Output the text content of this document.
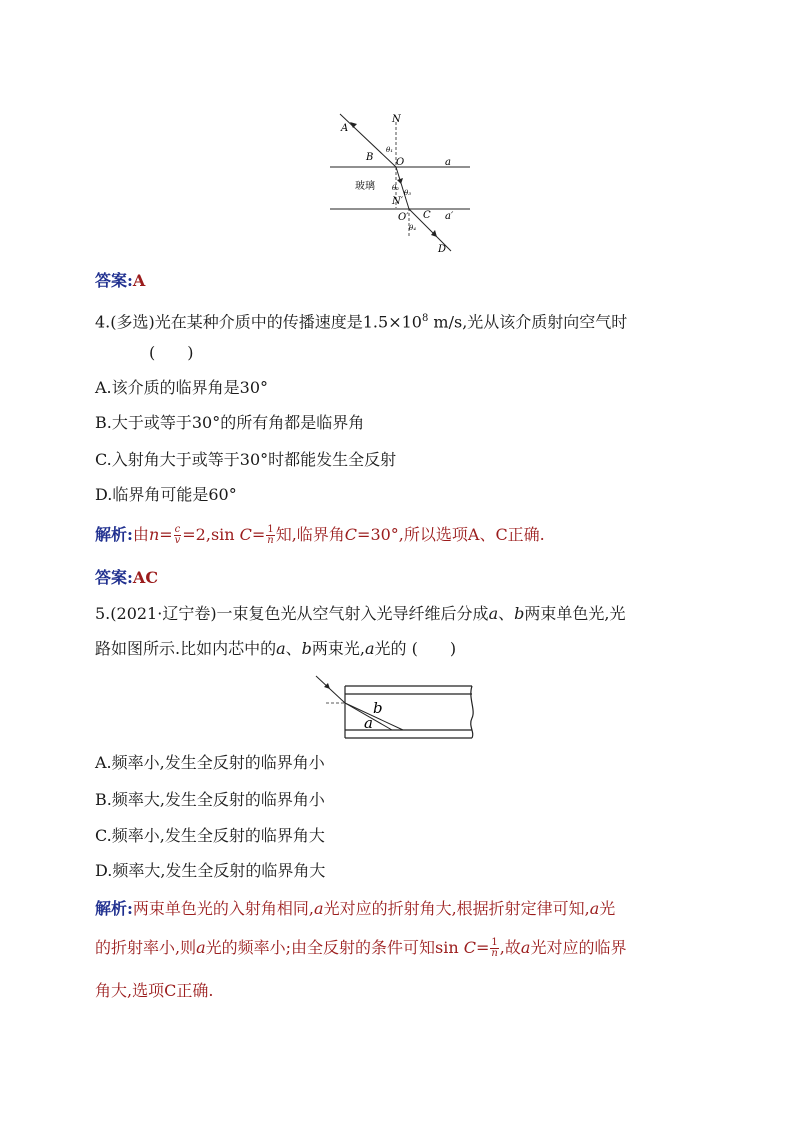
A
N
B O
θ₁
a
玻璃 θ₂
θ₃
N′
O′ C a′
θ₄
D
答案:A
4.(多选)光在某种介质中的传播速度是$1.5\times 10^8$ m/s,光从该介质射向空气时
(　　)
A.该介质的临界角是30°
B.大于或等于30°的所有角都是临界角
C.入射角大于或等于30°时都能发生全反射
D.临界角可能是60°
解析:由$n= \frac{c}{v} =2,\sin$ $C= \frac{1}{n}$ 知,临界角C=30°,所以选项A、C正确.
答案:AC
5.(2021·辽宁卷)一束复色光从空气射入光导纤维后分成a、b两束单色光,光
路如图所示.比如内芯中的a、b两束光,a光的 (　　)
b
a
A.频率小,发生全反射的临界角小
B.频率大,发生全反射的临界角小
C.频率小,发生全反射的临界角大
D.频率大,发生全反射的临界角大
解析:两束单色光的入射角相同,a光对应的折射角大,根据折射定律可知,a光
的折射率小,则a光的频率小;由全反射的条件可知$\sin C= \frac{1}{n}$ ,故a光对应的临界
角大,选项C正确.
